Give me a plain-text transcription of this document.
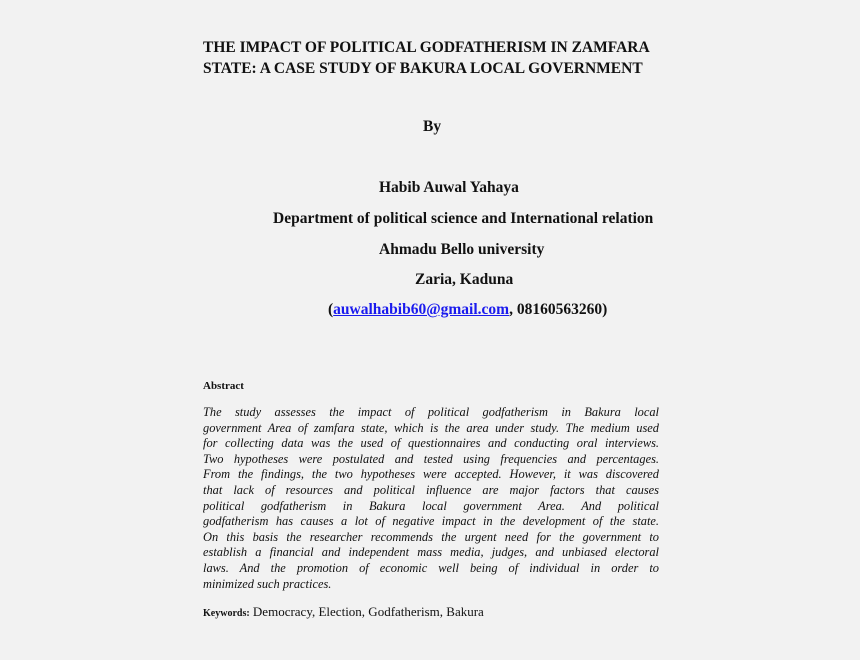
THE IMPACT OF POLITICAL GODFATHERISM IN ZAMFARA
STATE: A CASE STUDY OF BAKURA LOCAL GOVERNMENT
By
Habib Auwal Yahaya
Department of political science and International relation
Ahmadu Bello university
Zaria, Kaduna
(auwalhabib60@gmail.com, 08160563260)
Abstract
The study assesses the impact of political godfatherism in Bakura local
government Area of zamfara state, which is the area under study. The medium used
for collecting data was the used of questionnaires and conducting oral interviews.
Two hypotheses were postulated and tested using frequencies and percentages.
From the findings, the two hypotheses were accepted. However, it was discovered
that lack of resources and political influence are major factors that causes
political godfatherism in Bakura local government Area. And political
godfatherism has causes a lot of negative impact in the development of the state.
On this basis the researcher recommends the urgent need for the government to
establish a financial and independent mass media, judges, and unbiased electoral
laws. And the promotion of economic well being of individual in order to
minimized such practices.
Keywords: Democracy, Election, Godfatherism, Bakura
